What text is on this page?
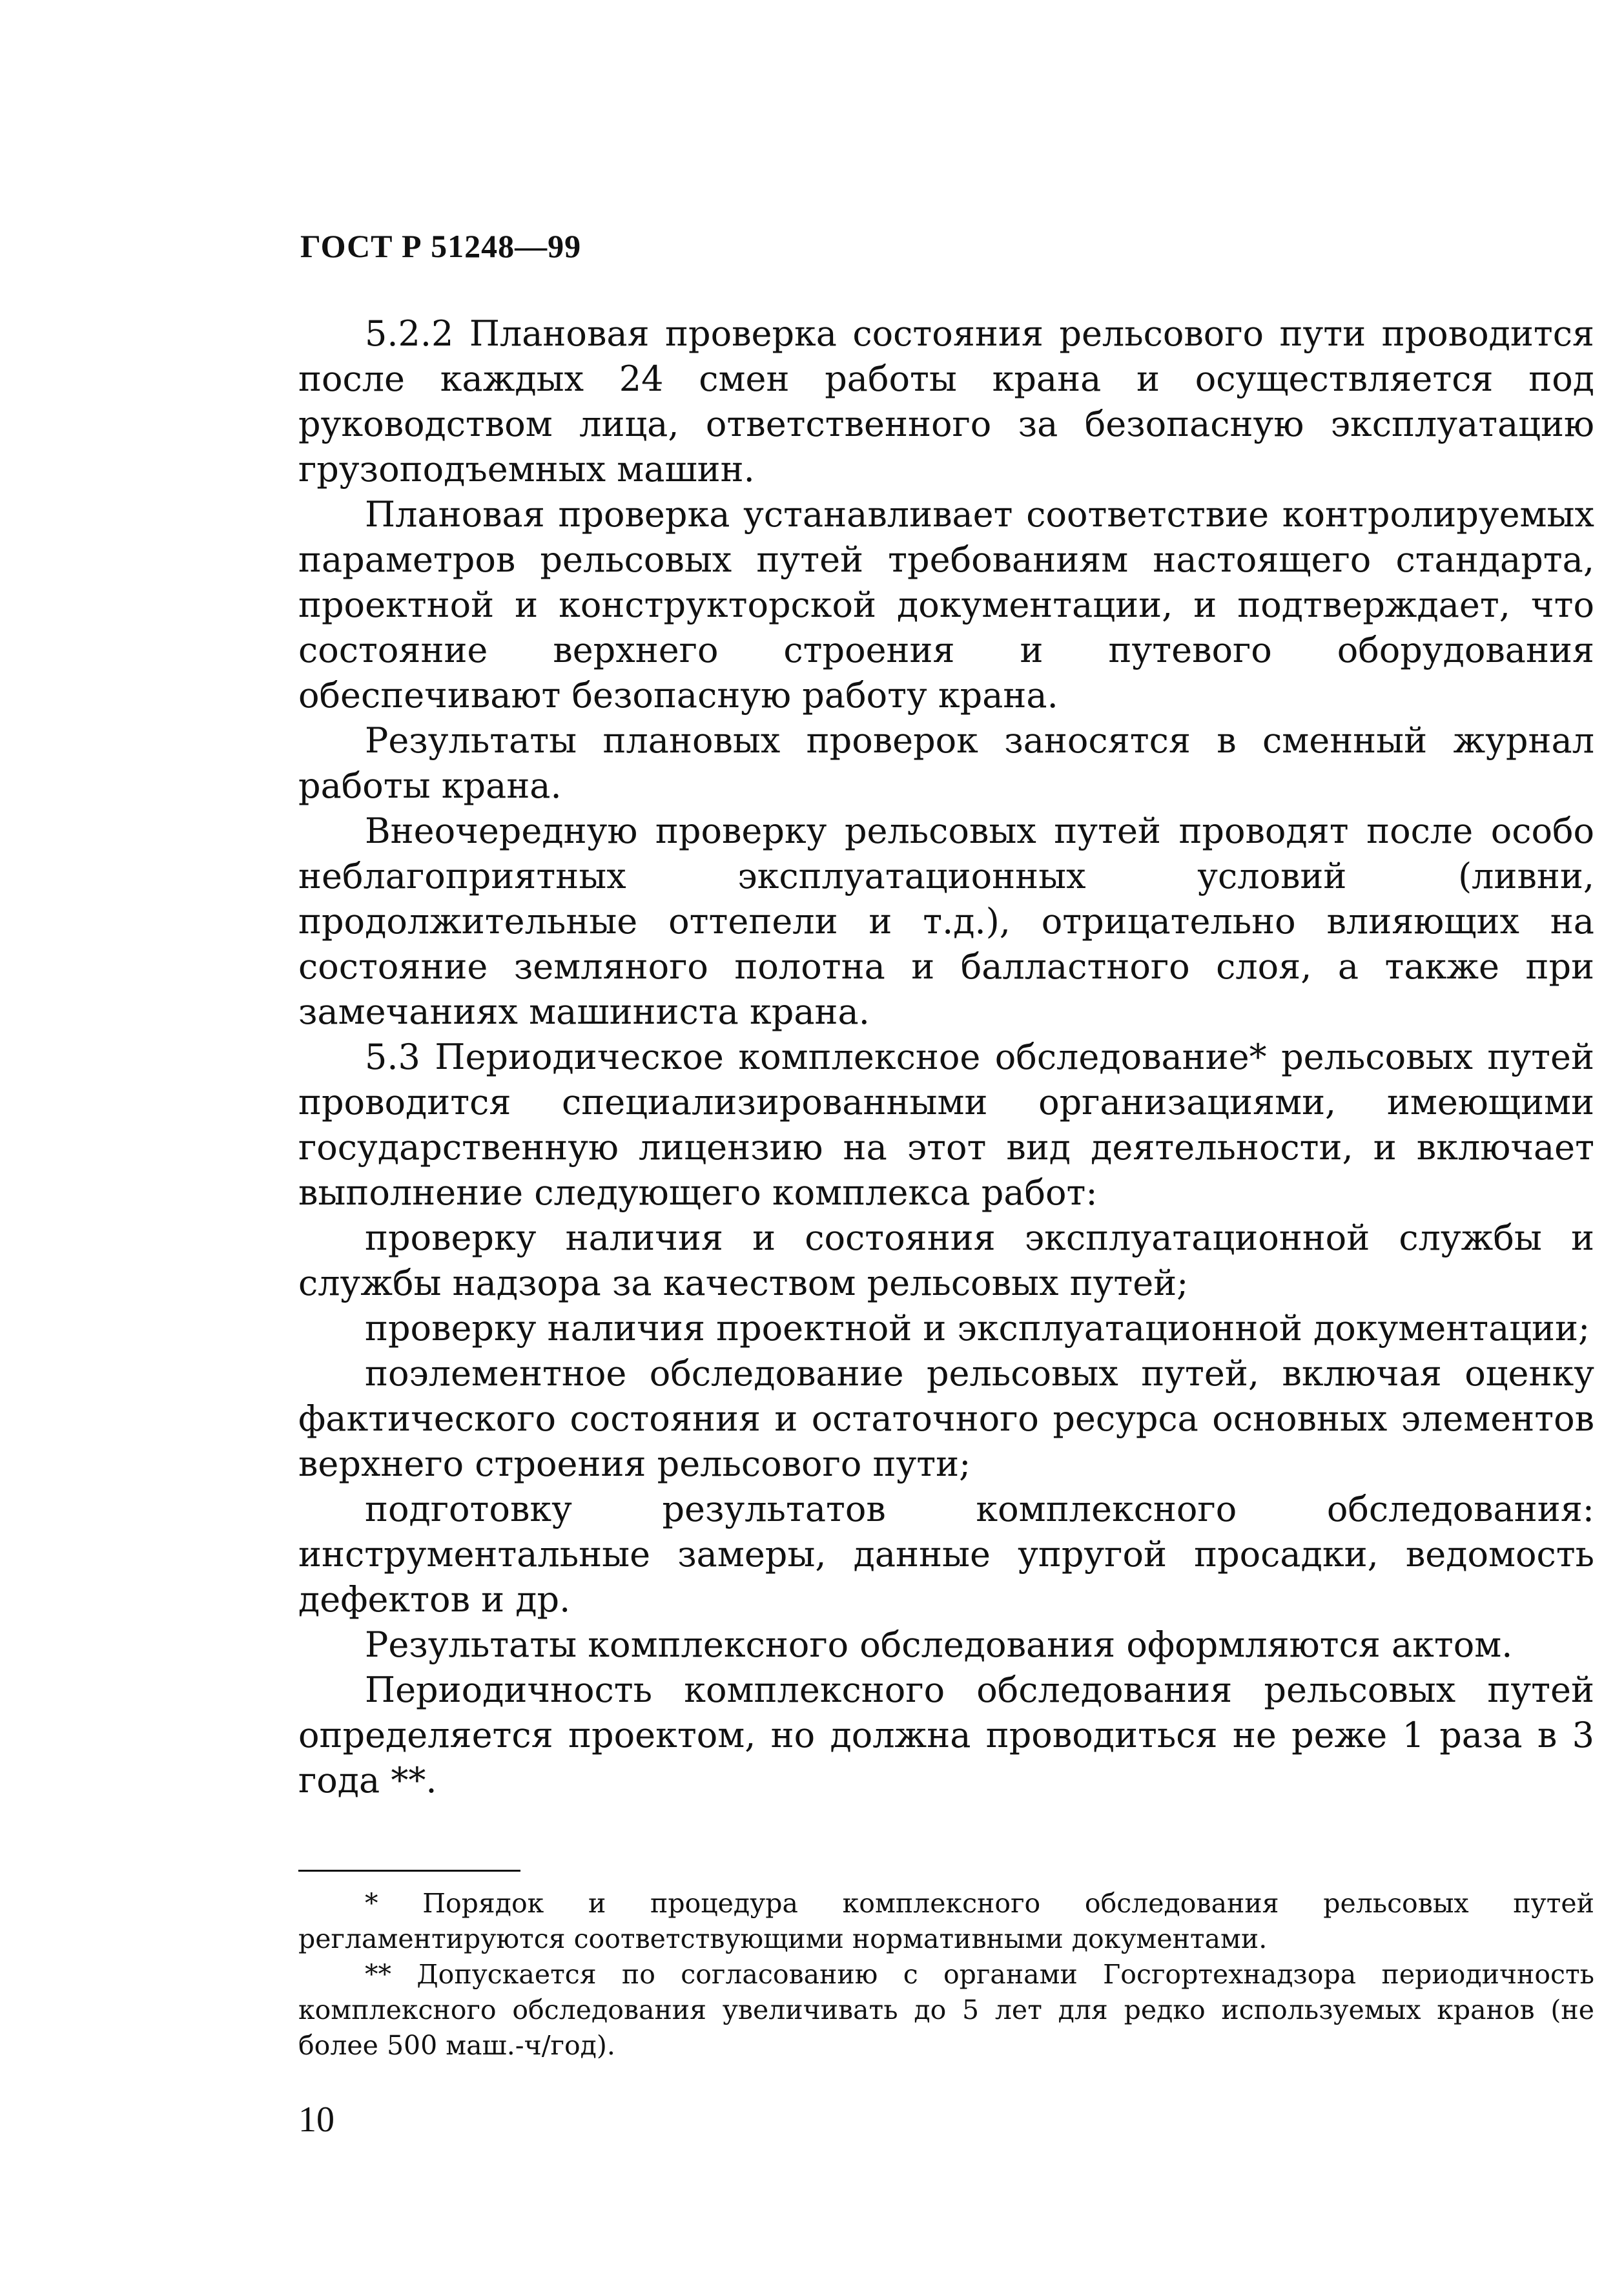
ГОСТ Р 51248—99

5.2.2 Плановая проверка состояния рельсового пути проводится после каждых 24 смен работы крана и осуществляется под руководством лица, ответственного за безопасную эксплуатацию грузоподъемных машин.

Плановая проверка устанавливает соответствие контролируемых параметров рельсовых путей требованиям настоящего стандарта, проектной и конструкторской документации, и подтверждает, что состояние верхнего строения и путевого оборудования обеспечивают безопасную работу крана.

Результаты плановых проверок заносятся в сменный журнал работы крана.

Внеочередную проверку рельсовых путей проводят после особо неблагоприятных эксплуатационных условий (ливни, продолжительные оттепели и т.д.), отрицательно влияющих на состояние земляного полотна и балластного слоя, а также при замечаниях машиниста крана.

5.3 Периодическое комплексное обследование* рельсовых путей проводится специализированными организациями, имеющими государственную лицензию на этот вид деятельности, и включает выполнение следующего комплекса работ:

проверку наличия и состояния эксплуатационной службы и службы надзора за качеством рельсовых путей;

проверку наличия проектной и эксплуатационной документации;

поэлементное обследование рельсовых путей, включая оценку фактического состояния и остаточного ресурса основных элементов верхнего строения рельсового пути;

подготовку результатов комплексного обследования: инструментальные замеры, данные упругой просадки, ведомость дефектов и др.

Результаты комплексного обследования оформляются актом.

Периодичность комплексного обследования рельсовых путей определяется проектом, но должна проводиться не реже 1 раза в 3 года **.

* Порядок и процедура комплексного обследования рельсовых путей регламентируются соответствующими нормативными документами.

** Допускается по согласованию с органами Госгортехнадзора периодичность комплексного обследования увеличивать до 5 лет для редко используемых кранов (не более 500 маш.-ч/год).

10
